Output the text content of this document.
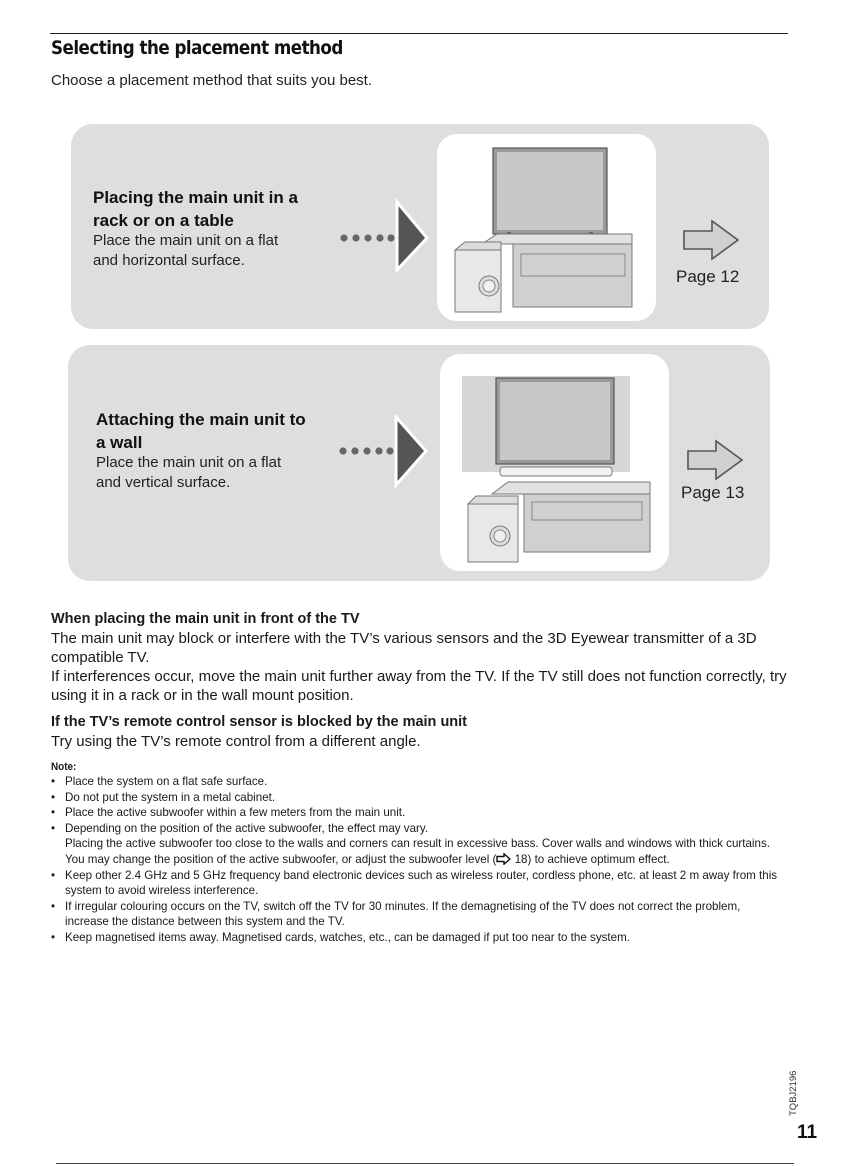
Selecting the placement method
Choose a placement method that suits you best.
Placing the main unit in a
rack or on a table
Place the main unit on a flat
and horizontal surface.
Page 12
Attaching the main unit to
a wall
Place the main unit on a flat
and vertical surface.
Page 13
When placing the main unit in front of the TV
The main unit may block or interfere with the TV’s various sensors and the 3D Eyewear transmitter of a 3D compatible TV.
If interferences occur, move the main unit further away from the TV. If the TV still does not function correctly, try using it in a rack or in the wall mount position.
If the TV’s remote control sensor is blocked by the main unit
Try using the TV’s remote control from a different angle.
Note:
• Place the system on a flat safe surface.
• Do not put the system in a metal cabinet.
• Place the active subwoofer within a few meters from the main unit.
• Depending on the position of the active subwoofer, the effect may vary.
Placing the active subwoofer too close to the walls and corners can result in excessive bass. Cover walls and windows with thick curtains.
You may change the position of the active subwoofer, or adjust the subwoofer level ( 18) to achieve optimum effect.
• Keep other 2.4 GHz and 5 GHz frequency band electronic devices such as wireless router, cordless phone, etc. at least 2 m away from this system to avoid wireless interference.
• If irregular colouring occurs on the TV, switch off the TV for 30 minutes. If the demagnetising of the TV does not correct the problem, increase the distance between this system and the TV.
• Keep magnetised items away. Magnetised cards, watches, etc., can be damaged if put too near to the system.
TQBJ2196
11
